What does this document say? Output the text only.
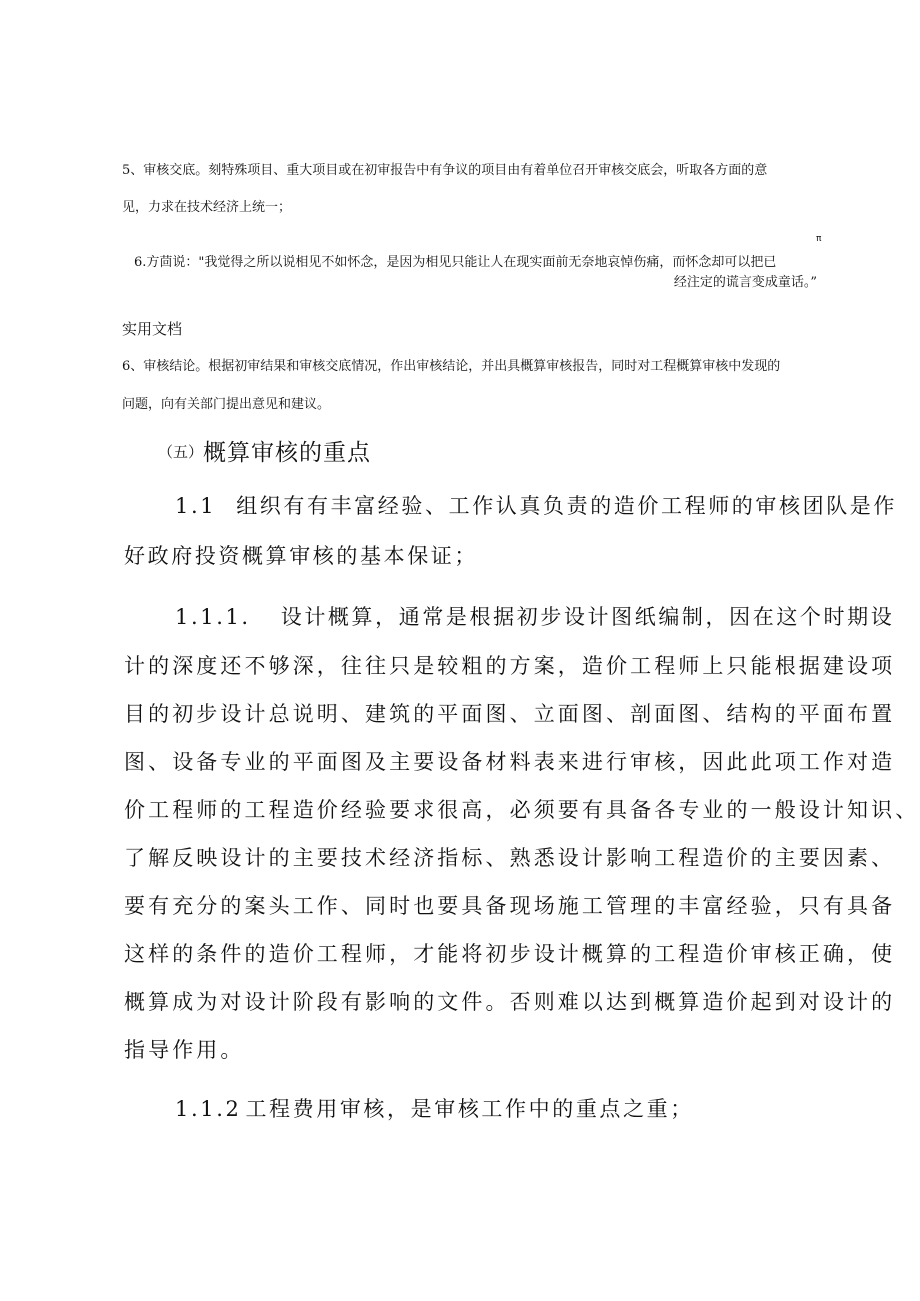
5、审核交底。刻特殊项目、重大项目或在初审报告中有争议的项目由有着单位召开审核交底会，听取各方面的意
见，力求在技术经济上统一；
π
6.方茴说："我觉得之所以说相见不如怀念，是因为相见只能让人在现实面前无奈地哀悼伤痛，而怀念却可以把已
经注定的谎言变成童话。”
实用文档
6、审核结论。根据初审结果和审核交底情况，作出审核结论，并出具概算审核报告，同时对工程概算审核中发现的
问题，向有关部门提出意见和建议。
（五）概算审核的重点
1.1 组织有有丰富经验、工作认真负责的造价工程师的审核团队是作
好政府投资概算审核的基本保证；
1.1.1. 设计概算，通常是根据初步设计图纸编制，因在这个时期设
计的深度还不够深，往往只是较粗的方案，造价工程师上只能根据建设项
目的初步设计总说明、建筑的平面图、立面图、剖面图、结构的平面布置
图、设备专业的平面图及主要设备材料表来进行审核，因此此项工作对造
价工程师的工程造价经验要求很高，必须要有具备各专业的一般设计知识、
了解反映设计的主要技术经济指标、熟悉设计影响工程造价的主要因素、
要有充分的案头工作、同时也要具备现场施工管理的丰富经验，只有具备
这样的条件的造价工程师，才能将初步设计概算的工程造价审核正确，使
概算成为对设计阶段有影响的文件。否则难以达到概算造价起到对设计的
指导作用。
1.1.2 工程费用审核，是审核工作中的重点之重；
